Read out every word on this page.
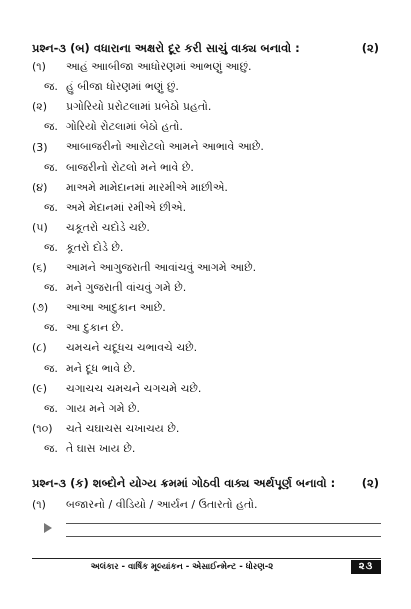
પ્રશ્ન-૩ (બ) વધારાના અક્ષરો દૂર કરી સાચું વાક્ય બનાવો :	(૨)
(૧)	આહં આાબીજા આધોરણમાં આભણું આછું.
જ. હું બીજા ધોરણમાં ભણું છું.
(૨)	પ્રગોરિયો પ્રરોટલામાં પ્રબેઠો પ્રહતો.
જ. ગોરિયો રોટલામાં બેઠો હતો.
(3)	આબાજરીનો આરોટલો આમને આભાવે આછે.
જ. બાજરીનો રોટલો મને ભાવે છે.
(૪)	માઅમે મામેદાનમાં મારમીએ માછીએ.
જ. અમે મેદાનમાં રમીએ છીએ.
(૫)	ચકૂતરો ચદોડે ચછે.
જ. કૂતરો દોડે છે.
(૬)	આમને આગુજરાતી આવાંચવું આગમે આછે.
જ. મને ગુજરાતી વાંચવું ગમે છે.
(૭)	આઆ આદુકાન આછે.
જ. આ દુકાન છે.
(૮)	ચમચને ચદૂધચ ચભાવચે ચછે.
જ. મને દૂધ ભાવે છે.
(૯)	ચગાચચ ચમચને ચગચમે ચછે.
જ. ગાય મને ગમે છે.
(૧૦)	ચતે ચઘાચસ ચખાચય છે.
જ. તે ઘાસ ખાય છે.
પ્રશ્ન-૩ (ક) શબ્દોને યોગ્ય ક્રમમાં ગોઠવી વાક્ય અર્થપૂર્ણ બનાવો : (૨)
(૧)	બજારનો / વીડિયો / આર્યન / ઉતારતો હતો.
અલંકાર - વાર્ષિક મૂલ્યાંકન - એસાઈન્મેન્ટ - ધોરણ-૨	૨૩
